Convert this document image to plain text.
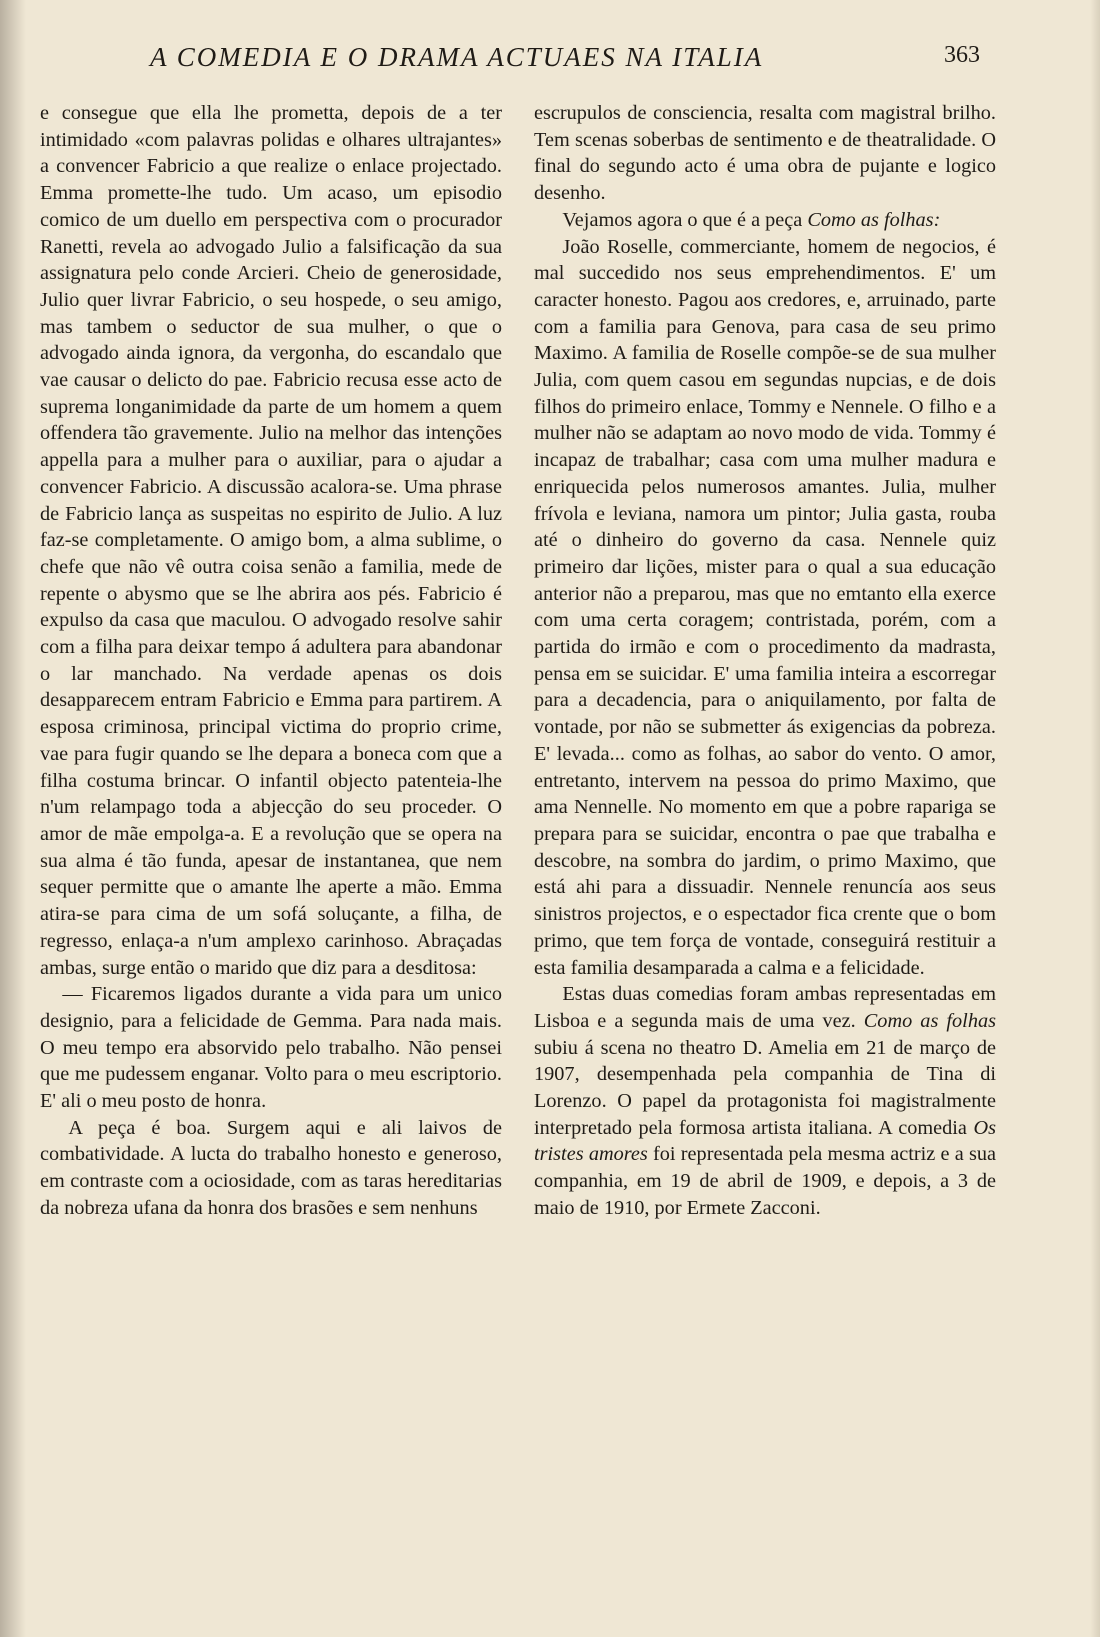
A COMEDIA E O DRAMA ACTUAES NA ITALIA	363

e consegue que ella lhe prometta, depois de a ter intimidado «com palavras polidas e olhares ultrajantes» a convencer Fabricio a que realize o enlace projectado. Emma promette-lhe tudo. Um acaso, um episodio comico de um duello em perspectiva com o procurador Ranetti, revela ao advogado Julio a falsificação da sua assignatura pelo conde Arcieri. Cheio de generosidade, Julio quer livrar Fabricio, o seu hospede, o seu amigo, mas tambem o seductor de sua mulher, o que o advogado ainda ignora, da vergonha, do escandalo que vae causar o delicto do pae. Fabricio recusa esse acto de suprema longanimidade da parte de um homem a quem offendera tão gravemente. Julio na melhor das intenções appella para a mulher para o auxiliar, para o ajudar a convencer Fabricio. A discussão acalora-se. Uma phrase de Fabricio lança as suspeitas no espirito de Julio. A luz faz-se completamente. O amigo bom, a alma sublime, o chefe que não vê outra coisa senão a familia, mede de repente o abysmo que se lhe abrira aos pés. Fabricio é expulso da casa que maculou. O advogado resolve sahir com a filha para deixar tempo á adultera para abandonar o lar manchado. Na verdade apenas os dois desapparecem entram Fabricio e Emma para partirem. A esposa criminosa, principal victima do proprio crime, vae para fugir quando se lhe depara a boneca com que a filha costuma brincar. O infantil objecto patenteia-lhe n'um relampago toda a abjecção do seu proceder. O amor de mãe empolga-a. E a revolução que se opera na sua alma é tão funda, apesar de instantanea, que nem sequer permitte que o amante lhe aperte a mão. Emma atira-se para cima de um sofá soluçante, a filha, de regresso, enlaça-a n'um amplexo carinhoso. Abraçadas ambas, surge então o marido que diz para a desditosa:

— Ficaremos ligados durante a vida para um unico designio, para a felicidade de Gemma. Para nada mais. O meu tempo era absorvido pelo trabalho. Não pensei que me pudessem enganar. Volto para o meu escriptorio. E' ali o meu posto de honra.

A peça é boa. Surgem aqui e ali laivos de combatividade. A lucta do trabalho honesto e generoso, em contraste com a ociosidade, com as taras hereditarias da nobreza ufana da honra dos brasões e sem nenhuns

escrupulos de consciencia, resalta com magistral brilho. Tem scenas soberbas de sentimento e de theatralidade. O final do segundo acto é uma obra de pujante e logico desenho.

Vejamos agora o que é a peça Como as folhas:

João Roselle, commerciante, homem de negocios, é mal succedido nos seus emprehendimentos. E' um caracter honesto. Pagou aos credores, e, arruinado, parte com a familia para Genova, para casa de seu primo Maximo. A familia de Roselle compõe-se de sua mulher Julia, com quem casou em segundas nupcias, e de dois filhos do primeiro enlace, Tommy e Nennele. O filho e a mulher não se adaptam ao novo modo de vida. Tommy é incapaz de trabalhar; casa com uma mulher madura e enriquecida pelos numerosos amantes. Julia, mulher frívola e leviana, namora um pintor; Julia gasta, rouba até o dinheiro do governo da casa. Nennele quiz primeiro dar lições, mister para o qual a sua educação anterior não a preparou, mas que no emtanto ella exerce com uma certa coragem; contristada, porém, com a partida do irmão e com o procedimento da madrasta, pensa em se suicidar. E' uma familia inteira a escorregar para a decadencia, para o aniquilamento, por falta de vontade, por não se submetter ás exigencias da pobreza. E' levada... como as folhas, ao sabor do vento. O amor, entretanto, intervem na pessoa do primo Maximo, que ama Nennelle. No momento em que a pobre rapariga se prepara para se suicidar, encontra o pae que trabalha e descobre, na sombra do jardim, o primo Maximo, que está ahi para a dissuadir. Nennele renuncía aos seus sinistros projectos, e o espectador fica crente que o bom primo, que tem força de vontade, conseguirá restituir a esta familia desamparada a calma e a felicidade.

Estas duas comedias foram ambas representadas em Lisboa e a segunda mais de uma vez. Como as folhas subiu á scena no theatro D. Amelia em 21 de março de 1907, desempenhada pela companhia de Tina di Lorenzo. O papel da protagonista foi magistralmente interpretado pela formosa artista italiana. A comedia Os tristes amores foi representada pela mesma actriz e a sua companhia, em 19 de abril de 1909, e depois, a 3 de maio de 1910, por Ermete Zacconi.
